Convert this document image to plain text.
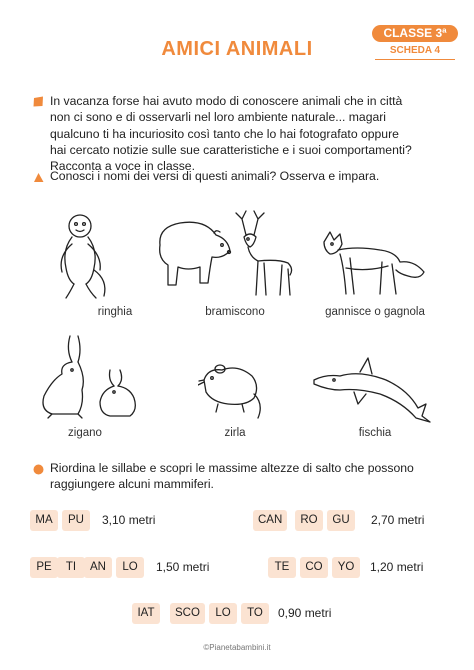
CLASSE 3ª
SCHEDA 4
AMICI ANIMALI
In vacanza forse hai avuto modo di conoscere animali che in città
non ci sono e di osservarli nel loro ambiente naturale... magari
qualcuno ti ha incuriosito così tanto che lo hai fotografato oppure
hai cercato notizie sulle sue caratteristiche e i suoi comportamenti?
Racconta a voce in classe.
Conosci i nomi dei versi di questi animali? Osserva e impara.
ringhia	bramiscono	gannisce o gagnola
zigano	zirla	fischia
Riordina le sillabe e scopri le massime altezze di salto che possono
raggiungere alcuni mammiferi.
MA	PU	3,10 metri	CAN	RO	GU	2,70 metri
PE	TI	AN	LO	1,50 metri	TE	CO	YO	1,20 metri
IAT	SCO	LO	TO	0,90 metri
©Pianetabambini.it
